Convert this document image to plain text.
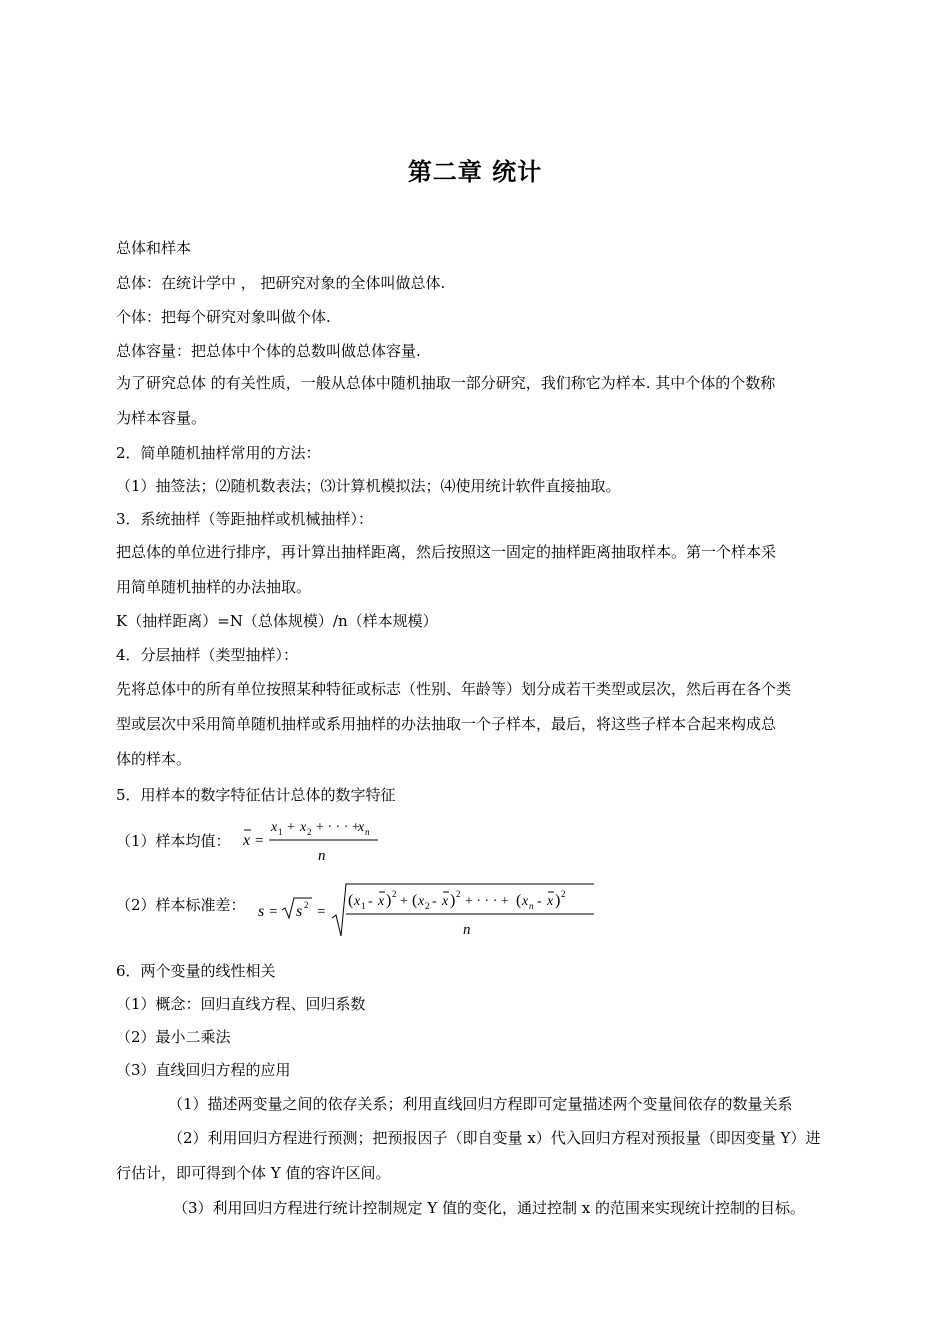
第二章 统计
总体和样本
总体：在统计学中 ， 把研究对象的全体叫做总体.
个体：把每个研究对象叫做个体.
总体容量：把总体中个体的总数叫做总体容量.
为了研究总体 的有关性质，一般从总体中随机抽取一部分研究，我们称它为样本. 其中个体的个数称
为样本容量。
2．简单随机抽样常用的方法：
（1）抽签法；⑵随机数表法；⑶计算机模拟法；⑷使用统计软件直接抽取。
3．系统抽样（等距抽样或机械抽样）：
把总体的单位进行排序，再计算出抽样距离，然后按照这一固定的抽样距离抽取样本。第一个样本采
用简单随机抽样的办法抽取。
K（抽样距离）=N（总体规模）/n（样本规模）
4．分层抽样（类型抽样）：
先将总体中的所有单位按照某种特征或标志（性别、年龄等）划分成若干类型或层次，然后再在各个类
型或层次中采用简单随机抽样或系用抽样的办法抽取一个子样本，最后，将这些子样本合起来构成总
体的样本。
5．用样本的数字特征估计总体的数字特征
（1）样本均值： x =
x 1 + x 2 + · · · +
x n
n
（2）样本标准差： s = s 2 =
( x 1 - x ) 2 + ( x 2 - x ) 2 + · · · + ( x n - x ) 2
n
6．两个变量的线性相关
（1）概念：回归直线方程、回归系数
（2）最小二乘法
（3）直线回归方程的应用
（1）描述两变量之间的依存关系；利用直线回归方程即可定量描述两个变量间依存的数量关系
（2）利用回归方程进行预测；把预报因子（即自变量 x）代入回归方程对预报量（即因变量 Y）进
行估计，即可得到个体 Y 值的容许区间。
（3）利用回归方程进行统计控制规定 Y 值的变化，通过控制 x 的范围来实现统计控制的目标。
